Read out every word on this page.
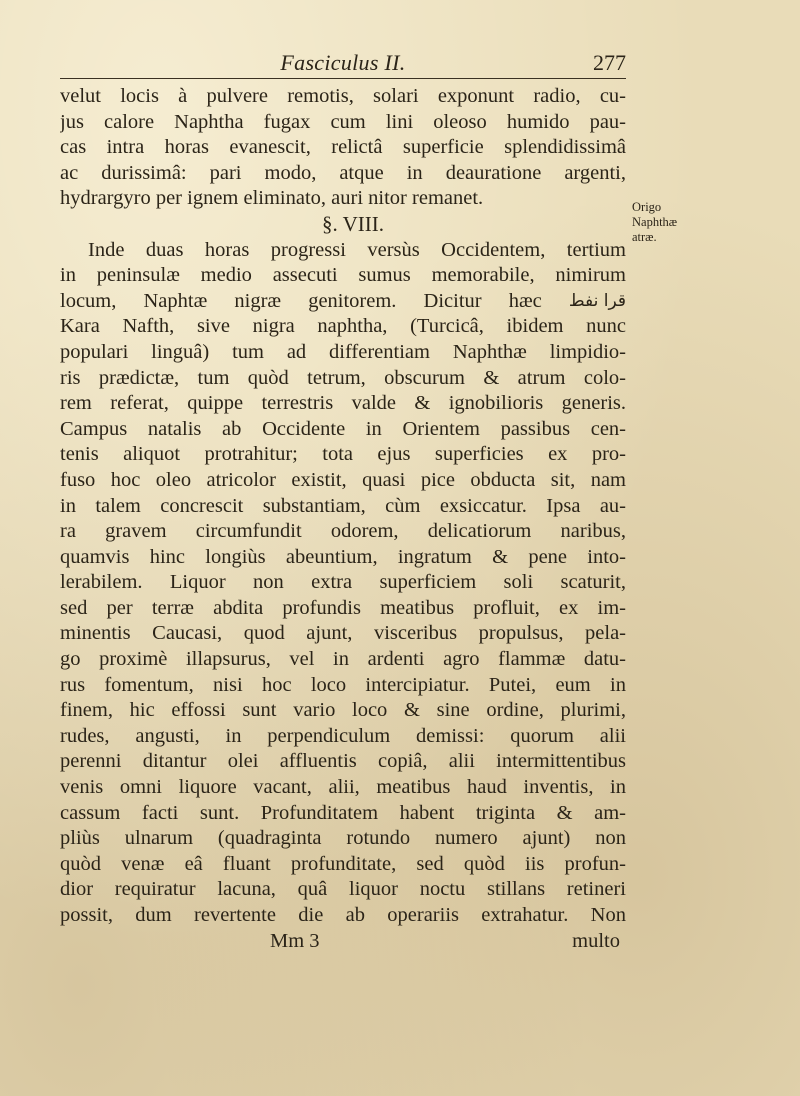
Fasciculus II.	277
velut locis à pulvere remotis, solari exponunt radio, cu-
jus calore Naphtha fugax cum lini oleoso humido pau-
cas intra horas evanescit, relictâ superficie splendidissimâ
ac durissimâ: pari modo, atque in deauratione argenti,
hydrargyro per ignem eliminato, auri nitor remanet.
§. VIII.
Inde duas horas progressi versùs Occidentem, tertium
in peninsulæ medio assecuti sumus memorabile, nimirum
locum, Naphtæ nigræ genitorem. Dicitur hæc قرا نفط
Kara Nafth, sive nigra naphtha, (Turcicâ, ibidem nunc
populari linguâ) tum ad differentiam Naphthæ limpidio-
ris prædictæ, tum quòd tetrum, obscurum & atrum colo-
rem referat, quippe terrestris valde & ignobilioris generis.
Campus natalis ab Occidente in Orientem passibus cen-
tenis aliquot protrahitur; tota ejus superficies ex pro-
fuso hoc oleo atricolor existit, quasi pice obducta sit, nam
in talem concrescit substantiam, cùm exsiccatur. Ipsa au-
ra gravem circumfundit odorem, delicatiorum naribus,
quamvis hinc longiùs abeuntium, ingratum & pene into-
lerabilem. Liquor non extra superficiem soli scaturit,
sed per terræ abdita profundis meatibus profluit, ex im-
minentis Caucasi, quod ajunt, visceribus propulsus, pela-
go proximè illapsurus, vel in ardenti agro flammæ datu-
rus fomentum, nisi hoc loco intercipiatur. Putei, eum in
finem, hic effossi sunt vario loco & sine ordine, plurimi,
rudes, angusti, in perpendiculum demissi: quorum alii
perenni ditantur olei affluentis copiâ, alii intermittentibus
venis omni liquore vacant, alii, meatibus haud inventis, in
cassum facti sunt. Profunditatem habent triginta & am-
pliùs ulnarum (quadraginta rotundo numero ajunt) non
quòd venæ eâ fluant profunditate, sed quòd iis profun-
dior requiratur lacuna, quâ liquor noctu stillans retineri
possit, dum revertente die ab operariis extrahatur. Non
Mm 3	multo
Origo
Naphthæ
atræ.
